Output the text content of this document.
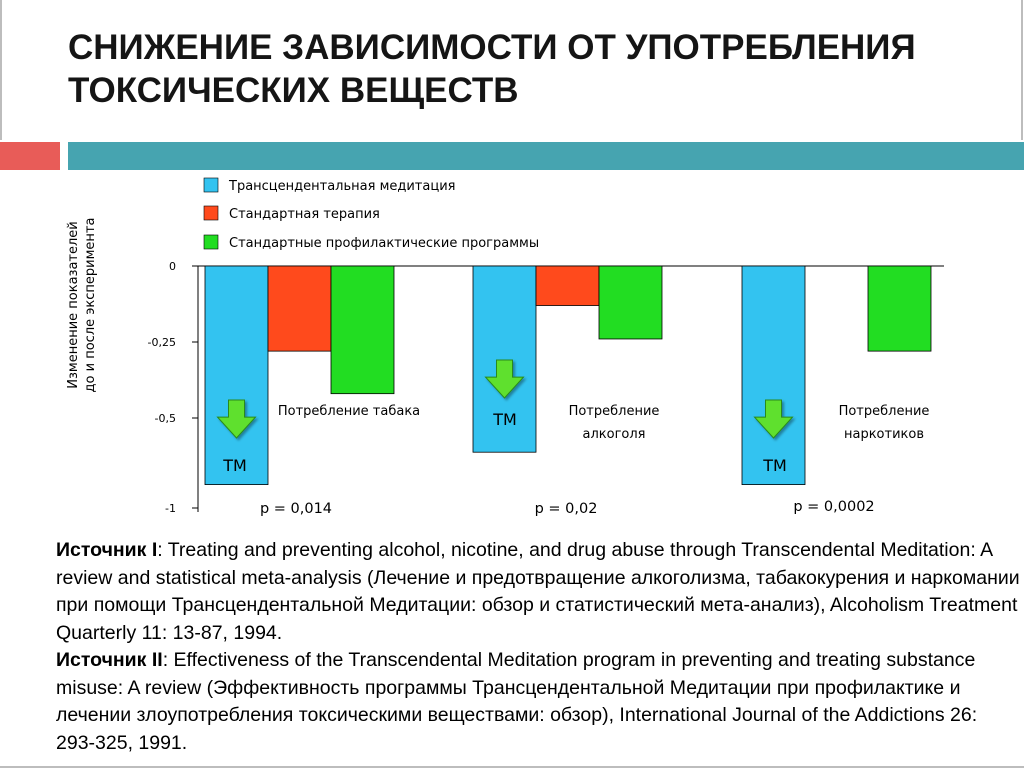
СНИЖЕНИЕ ЗАВИСИМОСТИ ОТ УПОТРЕБЛЕНИЯ
ТОКСИЧЕСКИХ ВЕЩЕСТВ
Изменение показателей до и после эксперимента	0
-0,25
-0,5
-1
ТМ
Потребление табака
p = 0,014
ТМ	Потребление
алкоголя
p = 0,02
ТМ
Потребление
наркотиков
p = 0,0002
Трансцендентальная медитация
Стандартная терапия
Стандартные профилактические программы
Источник I: Treating and preventing alcohol, nicotine, and drug abuse through Transcendental Meditation: A review and statistical meta-analysis (Лечение и предотвращение алкоголизма, табакокурения и наркомании при помощи Трансцендентальной Медитации: обзор и статистический мета-анализ), Alcoholism Treatment Quarterly 11: 13-87, 1994.
Источник II: Effectiveness of the Transcendental Meditation program in preventing and treating substance misuse: A review (Эффективность программы Трансцендентальной Медитации при профилактике и лечении злоупотребления токсическими веществами: обзор), International Journal of the Addictions 26: 293-325, 1991.
